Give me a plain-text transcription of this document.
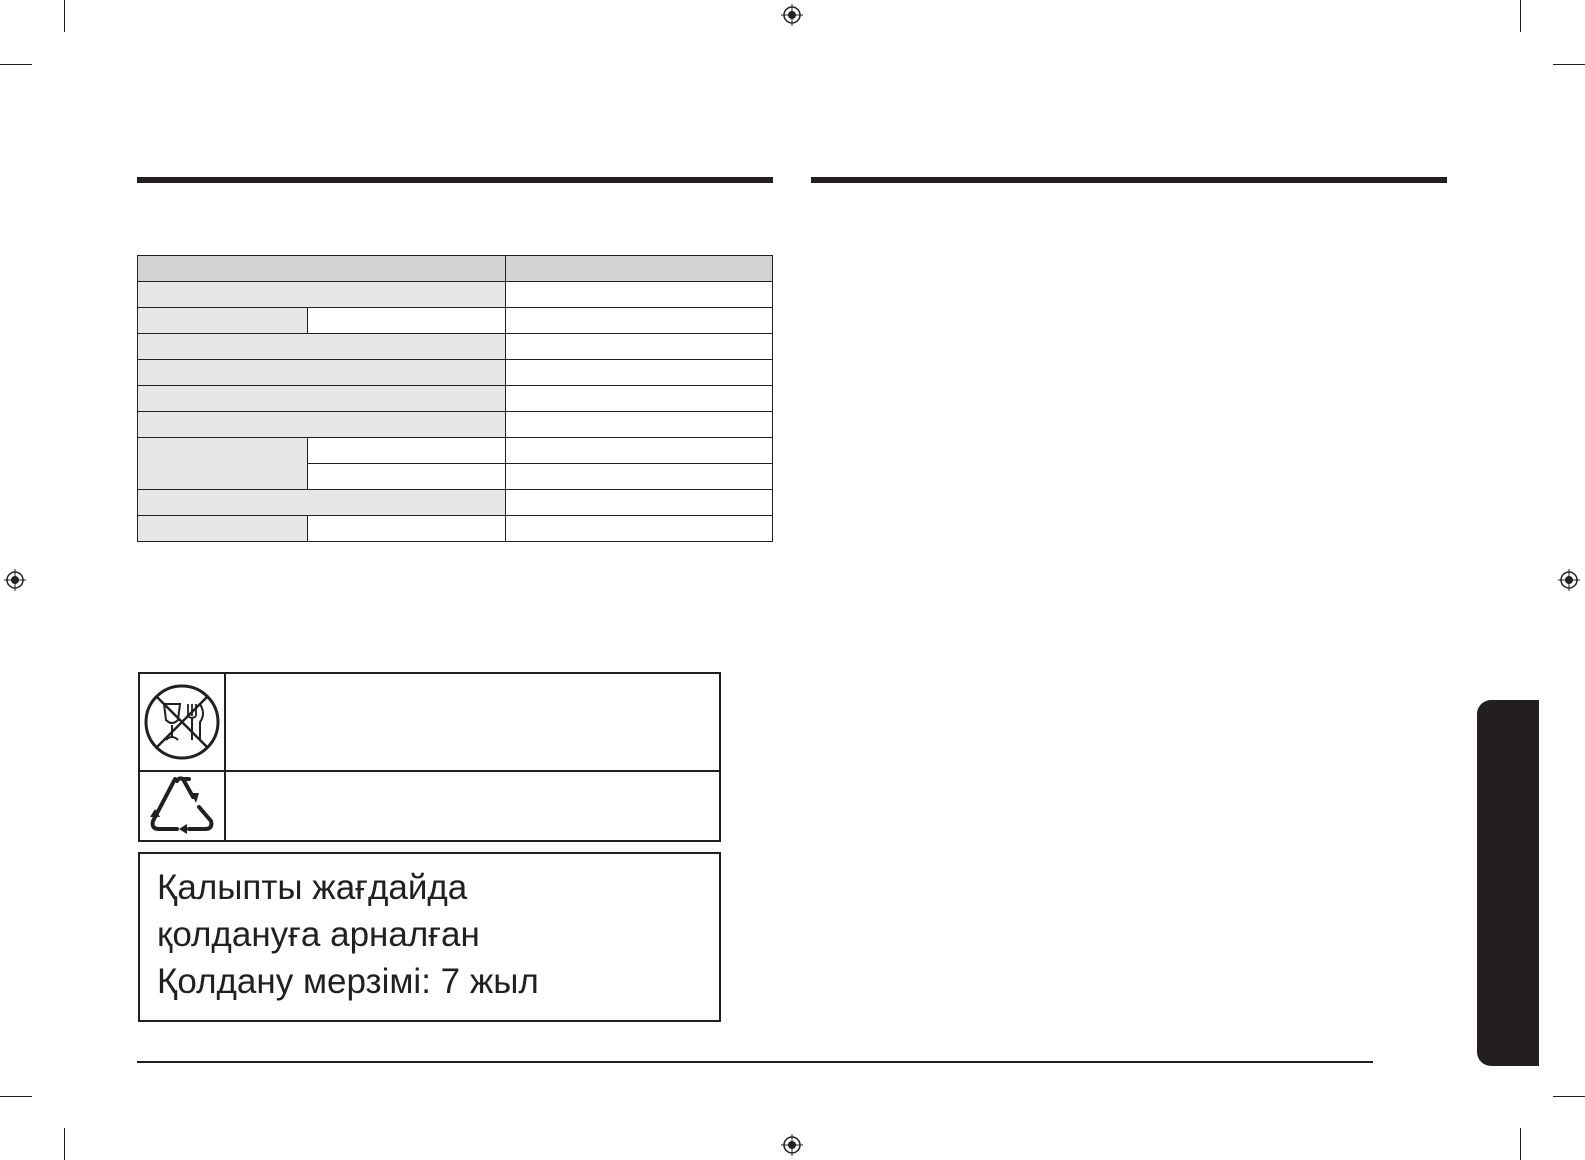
Қалыпты жағдайда
қолдануға арналған
Қолдану мерзімі: 7 жыл
